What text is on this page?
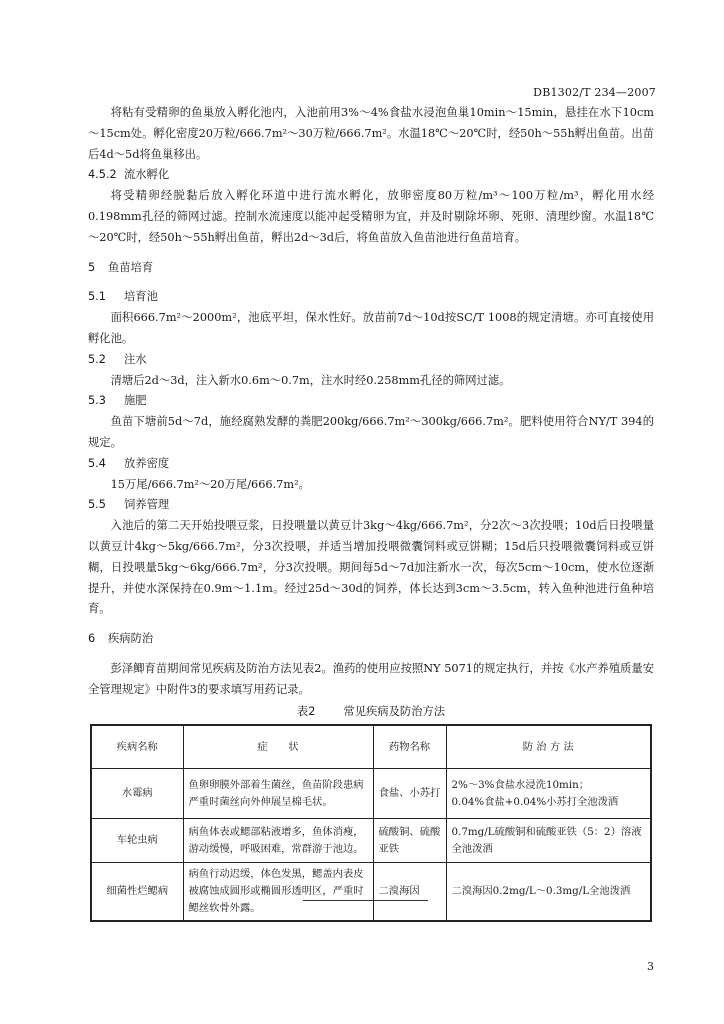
DB1302/T 234—2007

将粘有受精卵的鱼巢放入孵化池内，入池前用3%～4%食盐水浸泡鱼巢10min～15min，悬挂在水下10cm～15cm处。孵化密度20万粒/666.7m²～30万粒/666.7m²。水温18℃～20℃时，经50h～55h孵出鱼苗。出苗后4d～5d将鱼巢移出。

4.5.2 流水孵化

将受精卵经脱黏后放入孵化环道中进行流水孵化，放卵密度80万粒/m³～100万粒/m³，孵化用水经0.198mm孔径的筛网过滤。控制水流速度以能冲起受精卵为宜，并及时剔除坏卵、死卵、清理纱窗。水温18℃～20℃时，经50h～55h孵出鱼苗，孵出2d～3d后，将鱼苗放入鱼苗池进行鱼苗培育。

5 鱼苗培育
5.1 培育池

面积666.7m²～2000m²，池底平坦，保水性好。放苗前7d～10d按SC/T 1008的规定清塘。亦可直接使用孵化池。

5.2 注水

清塘后2d～3d，注入新水0.6m～0.7m，注水时经0.258mm孔径的筛网过滤。

5.3 施肥

鱼苗下塘前5d～7d，施经腐熟发酵的粪肥200kg/666.7m²～300kg/666.7m²。肥料使用符合NY/T 394的规定。

5.4 放养密度

15万尾/666.7m²～20万尾/666.7m²。

5.5 饲养管理

入池后的第二天开始投喂豆浆，日投喂量以黄豆计3kg～4kg/666.7m²，分2次～3次投喂；10d后日投喂量以黄豆计4kg～5kg/666.7m²，分3次投喂，并适当增加投喂微囊饲料或豆饼糊；15d后只投喂微囊饲料或豆饼糊，日投喂量5kg～6kg/666.7m²，分3次投喂。期间每5d～7d加注新水一次，每次5cm～10cm，使水位逐渐提升，并使水深保持在0.9m～1.1m。经过25d～30d的饲养，体长达到3cm～3.5cm，转入鱼种池进行鱼种培育。

6 疾病防治

彭泽鲫育苗期间常见疾病及防治方法见表2。渔药的使用应按照NY 5071的规定执行，并按《水产养殖质量安全管理规定》中附件3的要求填写用药记录。

表2 常见疾病及防治方法
疾病名称	症　　状	药物名称	防 治 方 法
水霉病	鱼卵卵膜外部着生菌丝，鱼苗阶段患病严重时菌丝向外伸展呈棉毛状。	食盐、小苏打	2%～3%食盐水浸洗10min；
0.04%食盐+0.04%小苏打全池泼洒
车轮虫病	病鱼体表或鳃部粘液增多，鱼体消瘦，游动缓慢，呼吸困难，常群游于池边。	硫酸铜、硫酸亚铁	0.7mg/L硫酸铜和硫酸亚铁（5：2）溶液全池泼洒
细菌性烂鳃病	病鱼行动迟缓，体色发黑，鳃盖内表皮被腐蚀成圆形或椭圆形透明区，严重时鳃丝软骨外露。	二溴海因	二溴海因0.2mg/L～0.3mg/L全池泼洒
3
